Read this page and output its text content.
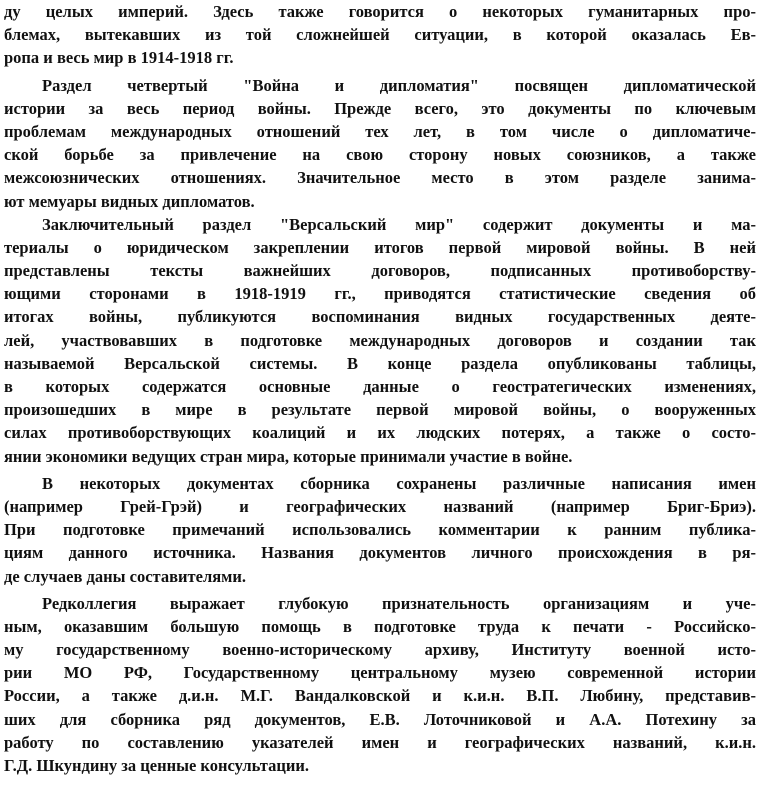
ду целых империй. Здесь также говорится о некоторых гуманитарных про-
блемах, вытекавших из той сложнейшей ситуации, в которой оказалась Ев-
ропа и весь мир в 1914-1918 гг.
Раздел четвертый "Война и дипломатия" посвящен дипломатической
истории за весь период войны. Прежде всего, это документы по ключевым
проблемам международных отношений тех лет, в том числе о дипломатиче-
ской борьбе за привлечение на свою сторону новых союзников, а также
межсоюзнических отношениях. Значительное место в этом разделе занима-
ют мемуары видных дипломатов.
Заключительный раздел "Версальский мир" содержит документы и ма-
териалы о юридическом закреплении итогов первой мировой войны. В ней
представлены тексты важнейших договоров, подписанных противоборству-
ющими сторонами в 1918-1919 гг., приводятся статистические сведения об
итогах войны, публикуются воспоминания видных государственных деяте-
лей, участвовавших в подготовке международных договоров и создании так
называемой Версальской системы. В конце раздела опубликованы таблицы,
в которых содержатся основные данные о геостратегических изменениях,
произошедших в мире в результате первой мировой войны, о вооруженных
силах противоборствующих коалиций и их людских потерях, а также о состо-
янии экономики ведущих стран мира, которые принимали участие в войне.
В некоторых документах сборника сохранены различные написания имен
(например Грей-Грэй) и географических названий (например Бриг-Бриэ).
При подготовке примечаний использовались комментарии к ранним публика-
циям данного источника. Названия документов личного происхождения в ря-
де случаев даны составителями.
Редколлегия выражает глубокую признательность организациям и уче-
ным, оказавшим большую помощь в подготовке труда к печати - Российско-
му государственному военно-историческому архиву, Институту военной исто-
рии МО РФ, Государственному центральному музею современной истории
России, а также д.и.н. М.Г. Вандалковской и к.и.н. В.П. Любину, представив-
ших для сборника ряд документов, Е.В. Лоточниковой и А.А. Потехину за
работу по составлению указателей имен и географических названий, к.и.н.
Г.Д. Шкундину за ценные консультации.
